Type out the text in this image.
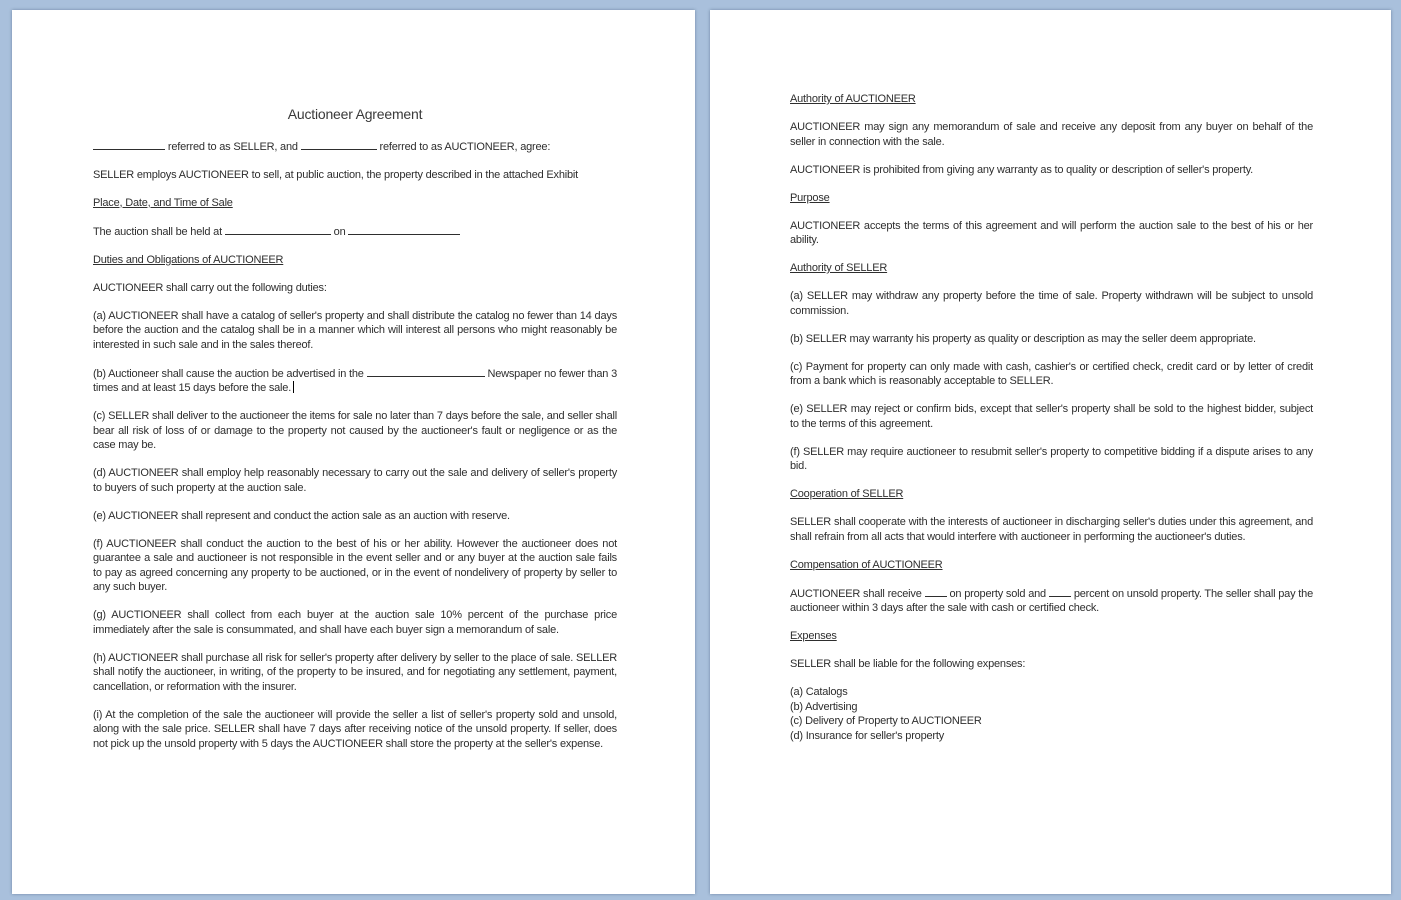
Auctioneer Agreement

referred to as SELLER, and	referred to as AUCTIONEER, agree:

SELLER employs AUCTIONEER to sell, at public auction, the property described in the attached Exhibit

Place, Date, and Time of Sale

The auction shall be held at	on

Duties and Obligations of AUCTIONEER

AUCTIONEER shall carry out the following duties:

(a) AUCTIONEER shall have a catalog of seller's property and shall distribute the catalog no fewer than 14 days before the auction and the catalog shall be in a manner which will interest all persons who might reasonably be interested in such sale and in the sales thereof.

(b) Auctioneer shall cause the auction be advertised in the	Newspaper no fewer than 3 times and at least 15 days before the sale.

(c) SELLER shall deliver to the auctioneer the items for sale no later than 7 days before the sale, and seller shall bear all risk of loss of or damage to the property not caused by the auctioneer's fault or negligence or as the case may be.

(d) AUCTIONEER shall employ help reasonably necessary to carry out the sale and delivery of seller's property to buyers of such property at the auction sale.

(e) AUCTIONEER shall represent and conduct the action sale as an auction with reserve.

(f) AUCTIONEER shall conduct the auction to the best of his or her ability. However the auctioneer does not guarantee a sale and auctioneer is not responsible in the event seller and or any buyer at the auction sale fails to pay as agreed concerning any property to be auctioned, or in the event of nondelivery of property by seller to any such buyer.

(g) AUCTIONEER shall collect from each buyer at the auction sale 10% percent of the purchase price immediately after the sale is consummated, and shall have each buyer sign a memorandum of sale.

(h) AUCTIONEER shall purchase all risk for seller's property after delivery by seller to the place of sale. SELLER shall notify the auctioneer, in writing, of the property to be insured, and for negotiating any settlement, payment, cancellation, or reformation with the insurer.

(i) At the completion of the sale the auctioneer will provide the seller a list of seller's property sold and unsold, along with the sale price. SELLER shall have 7 days after receiving notice of the unsold property. If seller, does not pick up the unsold property with 5 days the AUCTIONEER shall store the property at the seller's expense.

Authority of AUCTIONEER

AUCTIONEER may sign any memorandum of sale and receive any deposit from any buyer on behalf of the seller in connection with the sale.

AUCTIONEER is prohibited from giving any warranty as to quality or description of seller's property.

Purpose

AUCTIONEER accepts the terms of this agreement and will perform the auction sale to the best of his or her ability.

Authority of SELLER

(a) SELLER may withdraw any property before the time of sale. Property withdrawn will be subject to unsold commission.

(b) SELLER may warranty his property as quality or description as may the seller deem appropriate.

(c) Payment for property can only made with cash, cashier's or certified check, credit card or by letter of credit from a bank which is reasonably acceptable to SELLER.

(e) SELLER may reject or confirm bids, except that seller's property shall be sold to the highest bidder, subject to the terms of this agreement.

(f) SELLER may require auctioneer to resubmit seller's property to competitive bidding if a dispute arises to any bid.

Cooperation of SELLER

SELLER shall cooperate with the interests of auctioneer in discharging seller's duties under this agreement, and shall refrain from all acts that would interfere with auctioneer in performing the auctioneer's duties.

Compensation of AUCTIONEER

AUCTIONEER shall receive	on property sold and	percent on unsold property. The seller shall pay the auctioneer within 3 days after the sale with cash or certified check.

Expenses

SELLER shall be liable for the following expenses:

(a) Catalogs
(b) Advertising
(c) Delivery of Property to AUCTIONEER
(d) Insurance for seller's property
